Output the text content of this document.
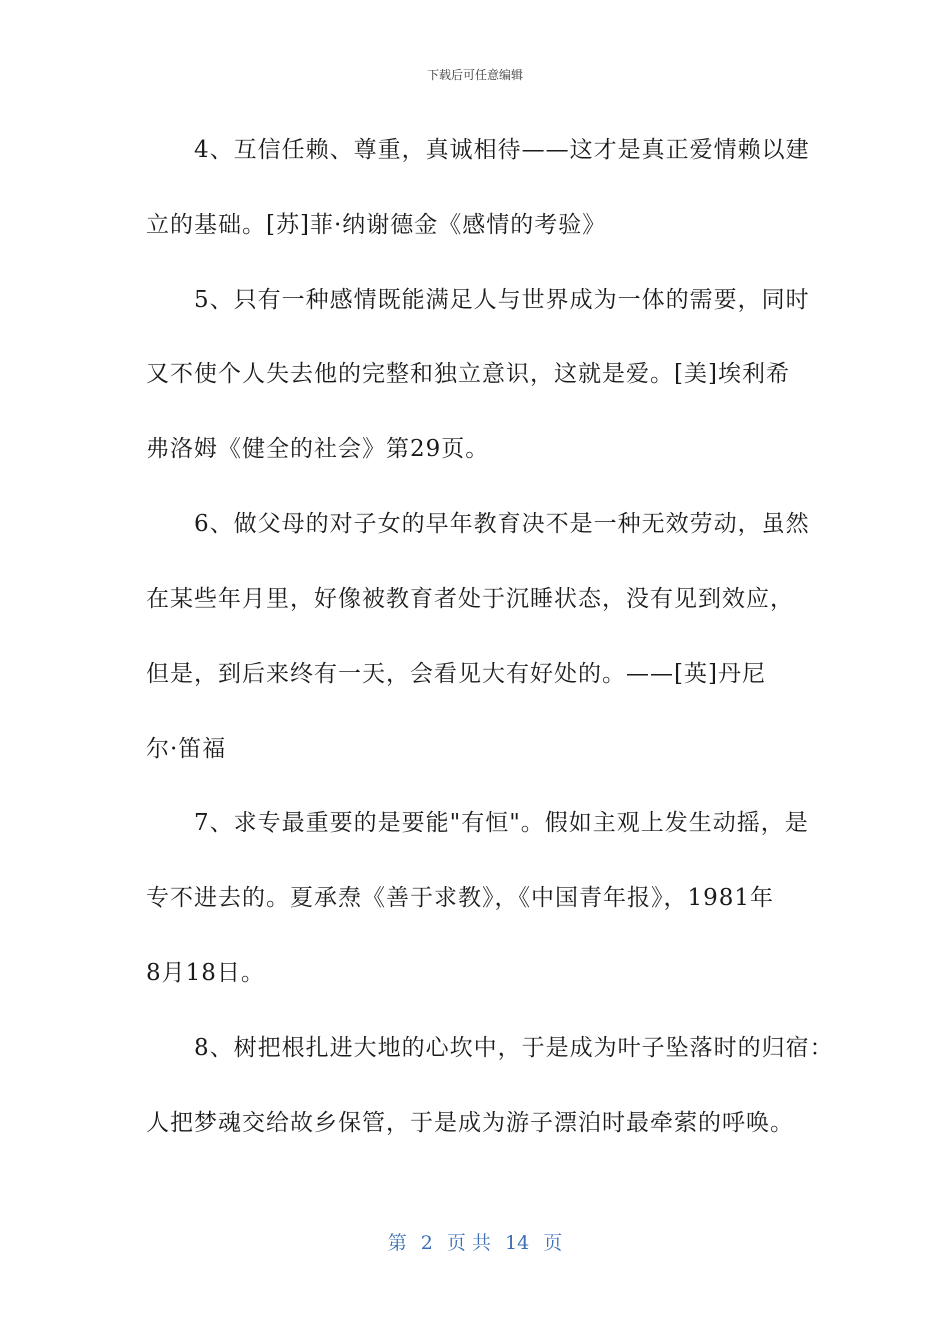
下载后可任意编辑
　　4、互信任赖、尊重，真诚相待——这才是真正爱情赖以建
立的基础。[苏]菲·纳谢德金《感情的考验》
　　5、只有一种感情既能满足人与世界成为一体的需要，同时
又不使个人失去他的完整和独立意识，这就是爱。[美]埃利希
弗洛姆《健全的社会》第29页。
　　6、做父母的对子女的早年教育决不是一种无效劳动，虽然
在某些年月里，好像被教育者处于沉睡状态，没有见到效应，
但是，到后来终有一天，会看见大有好处的。——[英]丹尼
尔·笛福
　　7、求专最重要的是要能"有恒"。假如主观上发生动摇，是
专不进去的。夏承焘《善于求教》，《中国青年报》，1981年
8月18日。
　　8、树把根扎进大地的心坎中，于是成为叶子坠落时的归宿：
人把梦魂交给故乡保管，于是成为游子漂泊时最牵萦的呼唤。
第 2 页 共 14 页
